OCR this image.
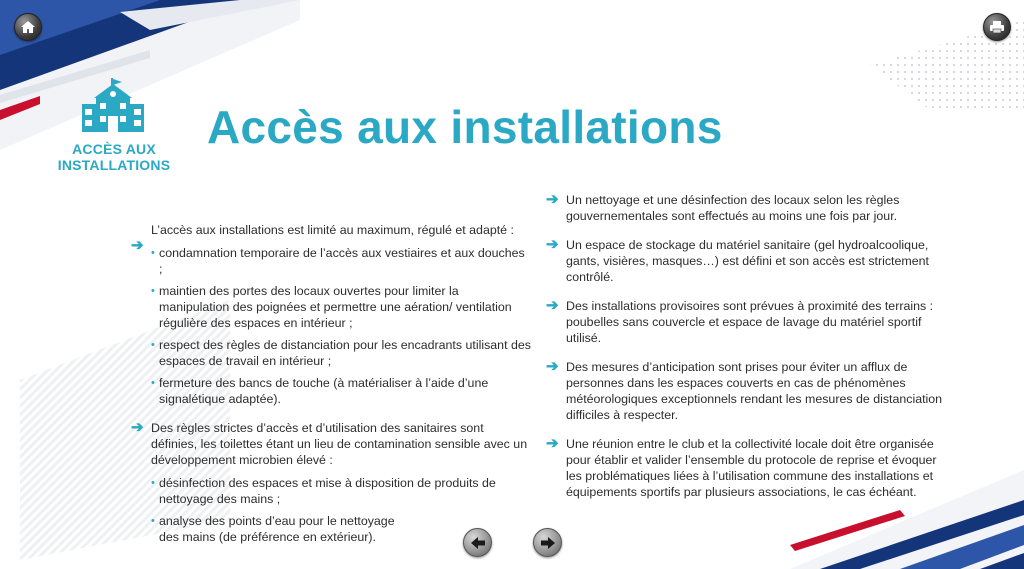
ACCÈS AUX INSTALLATIONS
Accès aux installations

➔
L’accès aux installations est limité au maximum, régulé et adapté :

• condamnation temporaire de l’accès aux vestiaires et aux douches ;
• maintien des portes des locaux ouvertes pour limiter la manipulation des poignées et permettre une aération/ ventilation régulière des espaces en intérieur ;
• respect des règles de distanciation pour les encadrants utilisant des espaces de travail en intérieur ;
• fermeture des bancs de touche (à matérialiser à l’aide d’une signalétique adaptée).

➔ Des règles strictes d’accès et d’utilisation des sanitaires sont définies, les toilettes étant un lieu de contamination sensible avec un développement microbien élevé :

• désinfection des espaces et mise à disposition de produits de nettoyage des mains ;
• analyse des points d’eau pour le nettoyage des mains (de préférence en extérieur).

➔ Un nettoyage et une désinfection des locaux selon les règles gouvernementales sont effectués au moins une fois par jour.

➔ Un espace de stockage du matériel sanitaire (gel hydroalcoolique, gants, visières, masques…) est défini et son accès est strictement contrôlé.

➔ Des installations provisoires sont prévues à proximité des terrains : poubelles sans couvercle et espace de lavage du matériel sportif utilisé.

➔ Des mesures d’anticipation sont prises pour éviter un afflux de personnes dans les espaces couverts en cas de phénomènes météorologiques exceptionnels rendant les mesures de distanciation difficiles à respecter.

➔ Une réunion entre le club et la collectivité locale doit être organisée pour établir et valider l’ensemble du protocole de reprise et évoquer les problématiques liées à l’utilisation commune des installations et équipements sportifs par plusieurs associations, le cas échéant.
